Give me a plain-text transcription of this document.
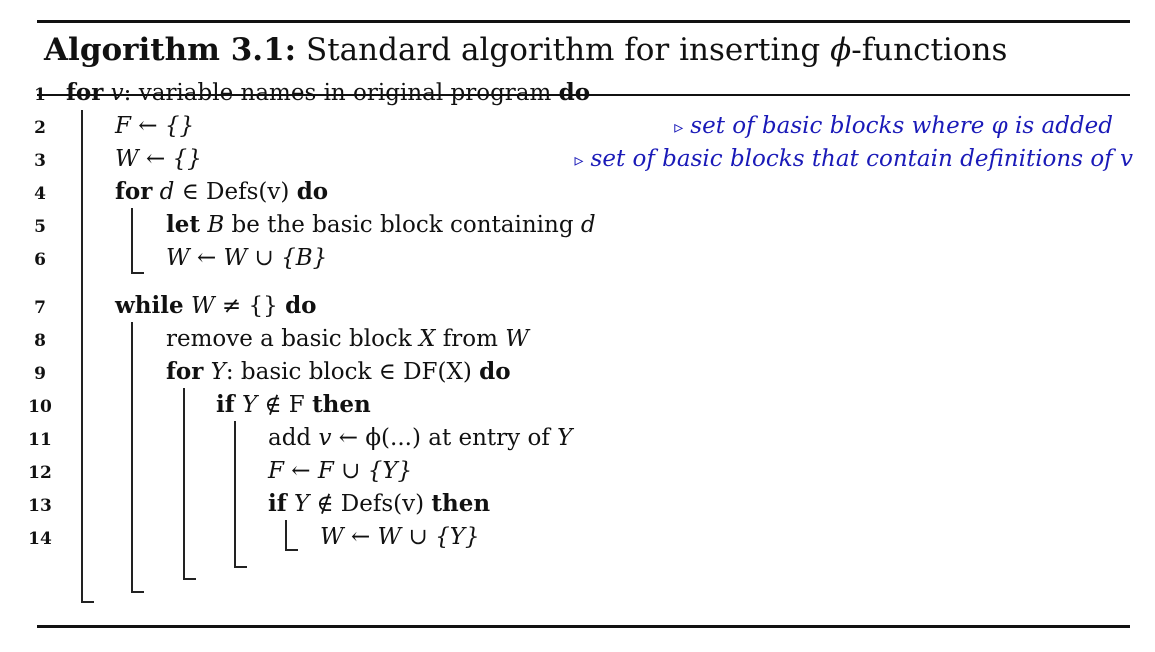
Algorithm 3.1: Standard algorithm for inserting ϕ-functions
1 for v: variable names in original program do
2	F ← {}	▹ set of basic blocks where φ is added
3	W ← {}	▹ set of basic blocks that contain definitions of v
4	for d ∈ Defs(v) do
5	let B be the basic block containing d
6	W ← W ∪ {B}
7	while W ≠ {} do
8	remove a basic block X from W
9	for Y: basic block ∈ DF(X) do
10	if Y ∉ F then
11	add v ← ϕ(...) at entry of Y
12	F ← F ∪ {Y}
13	if Y ∉ Defs(v) then
14	W ← W ∪ {Y}
